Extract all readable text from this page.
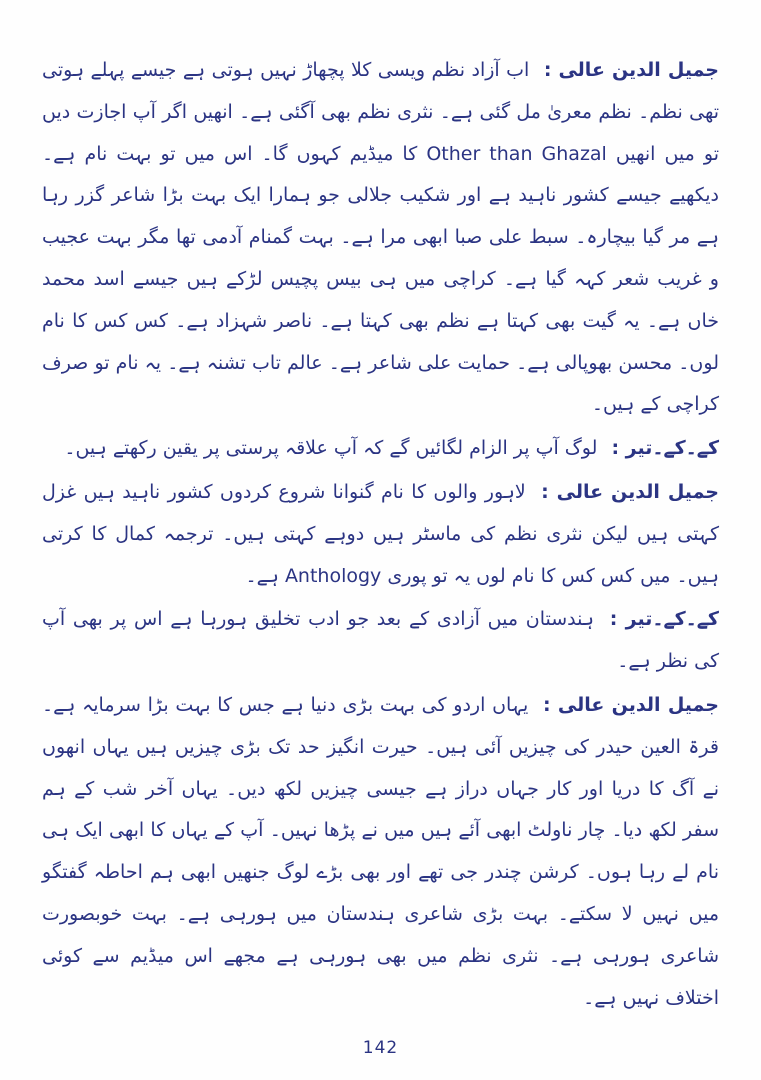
جمیل الدین عالی : اب آزاد نظم ویسی کلا پچھاڑ نہیں ہوتی ہے جیسے پہلے ہوتی تھی نظم۔ نظم معریٰ مل گئی ہے۔ نثری نظم بھی آگئی ہے۔ انھیں اگر آپ اجازت دیں تو میں انھیں Other than Ghazal کا میڈیم کہوں گا۔ اس میں تو بہت نام ہے۔ دیکھیے جیسے کشور ناہید ہے اور شکیب جلالی جو ہمارا ایک بہت بڑا شاعر گزر رہا ہے مر گیا بیچارہ۔ سبط علی صبا ابھی مرا ہے۔ بہت گمنام آدمی تھا مگر بہت عجیب و غریب شعر کہہ گیا ہے۔ کراچی میں ہی بیس پچیس لڑکے ہیں جیسے اسد محمد خاں ہے۔ یہ گیت بھی کہتا ہے نظم بھی کہتا ہے۔ ناصر شہزاد ہے۔ کس کس کا نام لوں۔ محسن بھوپالی ہے۔ حمایت علی شاعر ہے۔ عالم تاب تشنہ ہے۔ یہ نام تو صرف کراچی کے ہیں۔

کے۔کے۔تیر : لوگ آپ پر الزام لگائیں گے کہ آپ علاقہ پرستی پر یقین رکھتے ہیں۔

جمیل الدین عالی : لاہور والوں کا نام گنوانا شروع کردوں کشور ناہید ہیں غزل کہتی ہیں لیکن نثری نظم کی ماسٹر ہیں دوہے کہتی ہیں۔ ترجمہ کمال کا کرتی ہیں۔ میں کس کس کا نام لوں یہ تو پوری Anthology ہے۔

کے۔کے۔تیر : ہندستان میں آزادی کے بعد جو ادب تخلیق ہورہا ہے اس پر بھی آپ کی نظر ہے۔

جمیل الدین عالی : یہاں اردو کی بہت بڑی دنیا ہے جس کا بہت بڑا سرمایہ ہے۔ قرۃ العین حیدر کی چیزیں آئی ہیں۔ حیرت انگیز حد تک بڑی چیزیں ہیں یہاں انھوں نے آگ کا دریا اور کار جہاں دراز ہے جیسی چیزیں لکھ دیں۔ یہاں آخر شب کے ہم سفر لکھ دیا۔ چار ناولٹ ابھی آئے ہیں میں نے پڑھا نہیں۔ آپ کے یہاں کا ابھی ایک ہی نام لے رہا ہوں۔ کرشن چندر جی تھے اور بھی بڑے لوگ جنھیں ابھی ہم احاطہ گفتگو میں نہیں لا سکتے۔ بہت بڑی شاعری ہندستان میں ہورہی ہے۔ بہت خوبصورت شاعری ہورہی ہے۔ نثری نظم میں بھی ہورہی ہے مجھے اس میڈیم سے کوئی اختلاف نہیں ہے۔

142
